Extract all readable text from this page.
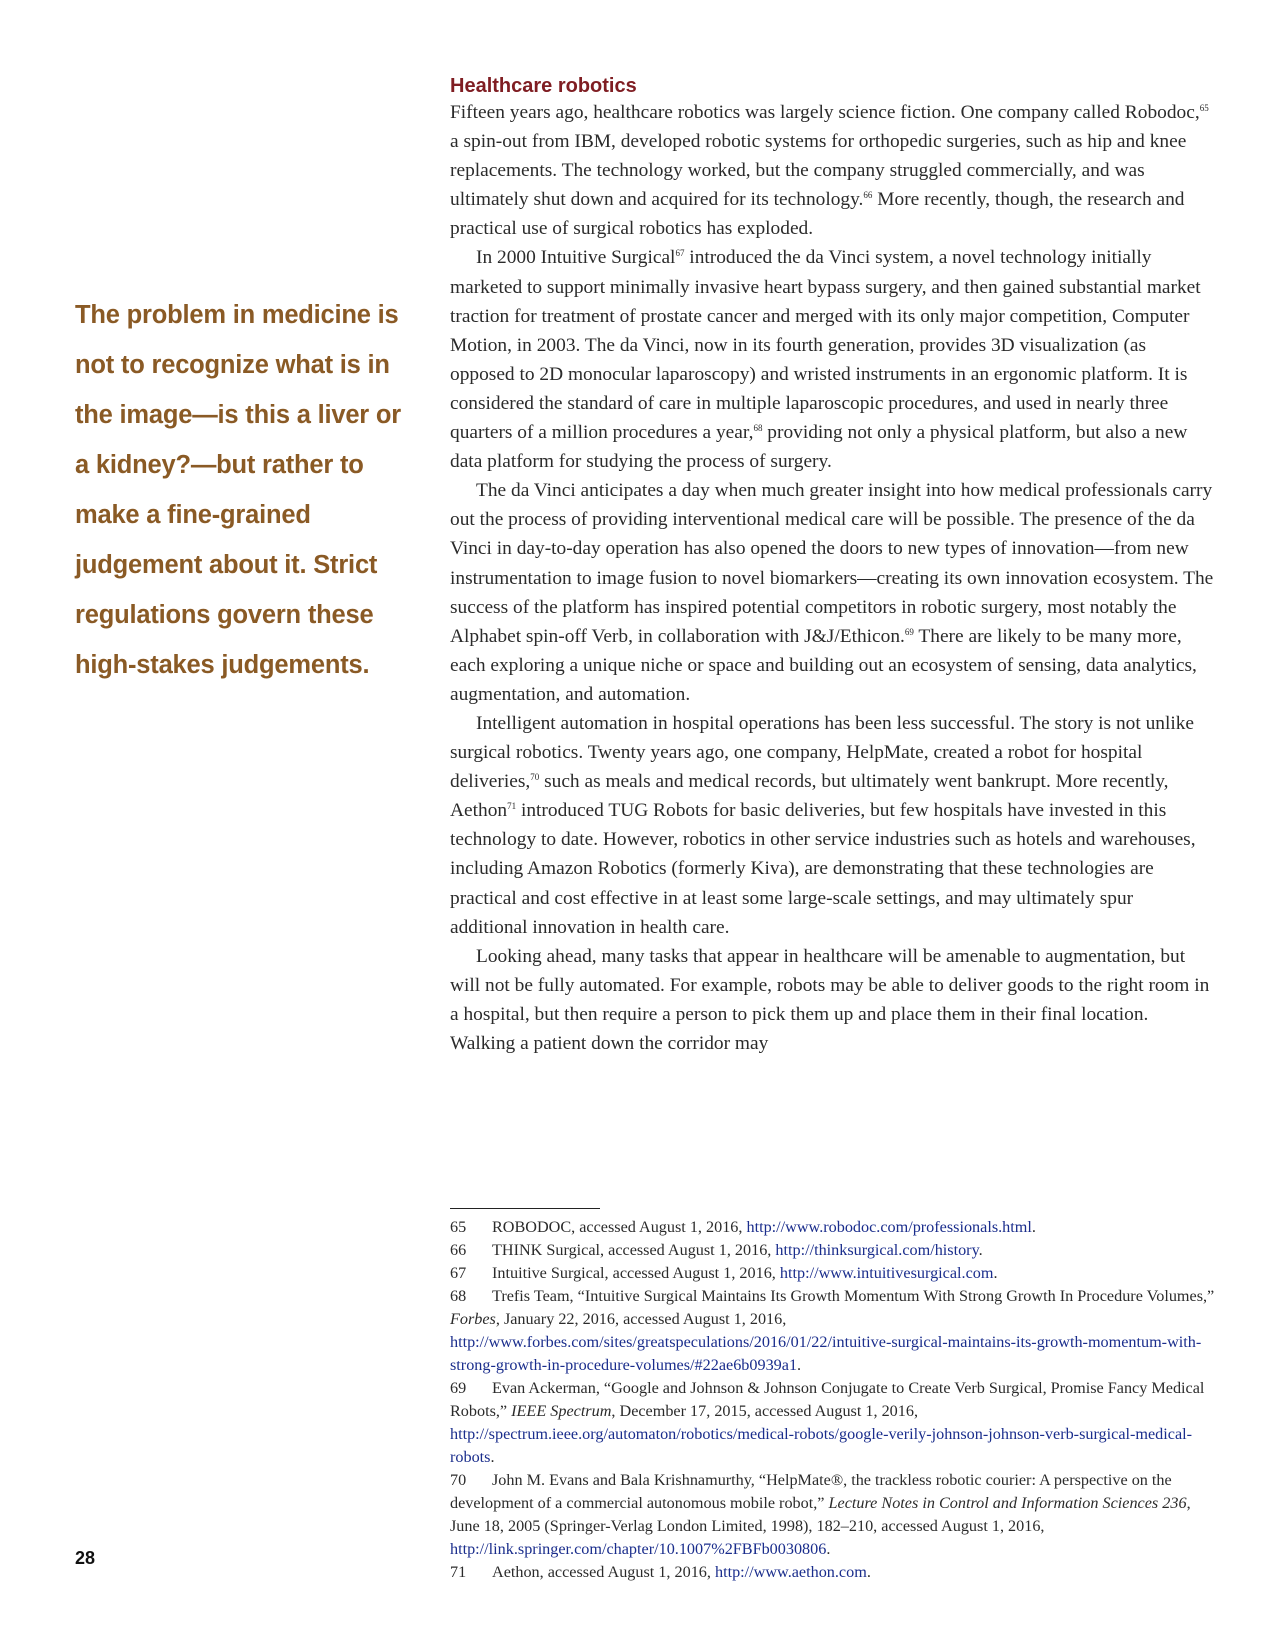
The problem in medicine is not to recognize what is in the image—is this a liver or a kidney?—but rather to make a fine-grained judgement about it. Strict regulations govern these high-stakes judgements.
28
Healthcare robotics

Fifteen years ago, healthcare robotics was largely science fiction. One company called Robodoc,$^{65}$ a spin-out from IBM, developed robotic systems for orthopedic surgeries, such as hip and knee replacements. The technology worked, but the company struggled commercially, and was ultimately shut down and acquired for its technology.$^{66}$ More recently, though, the research and practical use of surgical robotics has exploded.

In 2000 Intuitive Surgical$^{67}$ introduced the da Vinci system, a novel technology initially marketed to support minimally invasive heart bypass surgery, and then gained substantial market traction for treatment of prostate cancer and merged with its only major competition, Computer Motion, in 2003. The da Vinci, now in its fourth generation, provides 3D visualization (as opposed to 2D monocular laparoscopy) and wristed instruments in an ergonomic platform. It is considered the standard of care in multiple laparoscopic procedures, and used in nearly three quarters of a million procedures a year,$^{68}$ providing not only a physical platform, but also a new data platform for studying the process of surgery.

The da Vinci anticipates a day when much greater insight into how medical professionals carry out the process of providing interventional medical care will be possible. The presence of the da Vinci in day-to-day operation has also opened the doors to new types of innovation—from new instrumentation to image fusion to novel biomarkers—creating its own innovation ecosystem. The success of the platform has inspired potential competitors in robotic surgery, most notably the Alphabet spin-off Verb, in collaboration with J&J/Ethicon.$^{69}$ There are likely to be many more, each exploring a unique niche or space and building out an ecosystem of sensing, data analytics, augmentation, and automation.

Intelligent automation in hospital operations has been less successful. The story is not unlike surgical robotics. Twenty years ago, one company, HelpMate, created a robot for hospital deliveries,$^{70}$ such as meals and medical records, but ultimately went bankrupt. More recently, Aethon$^{71}$ introduced TUG Robots for basic deliveries, but few hospitals have invested in this technology to date. However, robotics in other service industries such as hotels and warehouses, including Amazon Robotics (formerly Kiva), are demonstrating that these technologies are practical and cost effective in at least some large-scale settings, and may ultimately spur additional innovation in health care.

Looking ahead, many tasks that appear in healthcare will be amenable to augmentation, but will not be fully automated. For example, robots may be able to deliver goods to the right room in a hospital, but then require a person to pick them up and place them in their final location. Walking a patient down the corridor may

65 ROBODOC, accessed August 1, 2016, http://www.robodoc.com/professionals.html.

66 THINK Surgical, accessed August 1, 2016, http://thinksurgical.com/history.

67 Intuitive Surgical, accessed August 1, 2016, http://www.intuitivesurgical.com.

68 Trefis Team, “Intuitive Surgical Maintains Its Growth Momentum With Strong Growth In Procedure Volumes,” Forbes, January 22, 2016, accessed August 1, 2016, http://www.forbes.com/sites/greatspeculations/2016/01/22/intuitive-surgical-maintains-its-growth-momentum-with-strong-growth-in-procedure-volumes/#22ae6b0939a1.

69 Evan Ackerman, “Google and Johnson & Johnson Conjugate to Create Verb Surgical, Promise Fancy Medical Robots,” IEEE Spectrum, December 17, 2015, accessed August 1, 2016, http://spectrum.ieee.org/automaton/robotics/medical-robots/google-verily-johnson-johnson-verb-surgical-medical-robots.

70 John M. Evans and Bala Krishnamurthy, “HelpMate®, the trackless robotic courier: A perspective on the development of a commercial autonomous mobile robot,” Lecture Notes in Control and Information Sciences 236, June 18, 2005 (Springer-Verlag London Limited, 1998), 182–210, accessed August 1, 2016, http://link.springer.com/chapter/10.1007%2FBFb0030806.

71 Aethon, accessed August 1, 2016, http://www.aethon.com.
